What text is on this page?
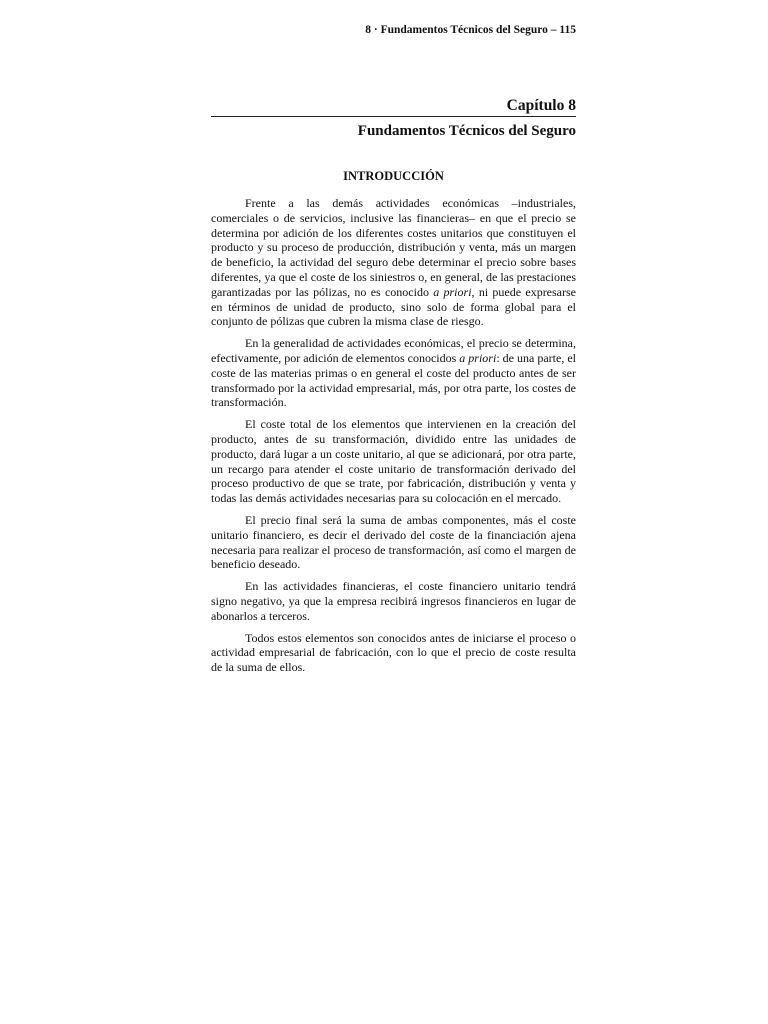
8 · Fundamentos Técnicos del Seguro – 115
Capítulo 8
Fundamentos Técnicos del Seguro
INTRODUCCIÓN

Frente a las demás actividades económicas –industriales, comerciales o de servicios, inclusive las financieras– en que el precio se determina por adición de los diferentes costes unitarios que constituyen el producto y su proceso de producción, distribución y venta, más un margen de beneficio, la actividad del seguro debe determinar el precio sobre bases diferentes, ya que el coste de los siniestros o, en general, de las prestaciones garantizadas por las pólizas, no es conocido a priori, ni puede expresarse en términos de unidad de producto, sino solo de forma global para el conjunto de pólizas que cubren la misma clase de riesgo.

En la generalidad de actividades económicas, el precio se determina, efectivamente, por adición de elementos conocidos a priori: de una parte, el coste de las materias primas o en general el coste del producto antes de ser transformado por la actividad empresarial, más, por otra parte, los costes de transformación.

El coste total de los elementos que intervienen en la creación del producto, antes de su transformación, dividido entre las unidades de producto, dará lugar a un coste unitario, al que se adicionará, por otra parte, un recargo para atender el coste unitario de transformación derivado del proceso productivo de que se trate, por fabricación, distribución y venta y todas las demás actividades necesarias para su colocación en el mercado.

El precio final será la suma de ambas componentes, más el coste unitario financiero, es decir el derivado del coste de la financiación ajena necesaria para realizar el proceso de transformación, así como el margen de beneficio deseado.

En las actividades financieras, el coste financiero unitario tendrá signo negativo, ya que la empresa recibirá ingresos financieros en lugar de abonarlos a terceros.

Todos estos elementos son conocidos antes de iniciarse el proceso o actividad empresarial de fabricación, con lo que el precio de coste resulta de la suma de ellos.
